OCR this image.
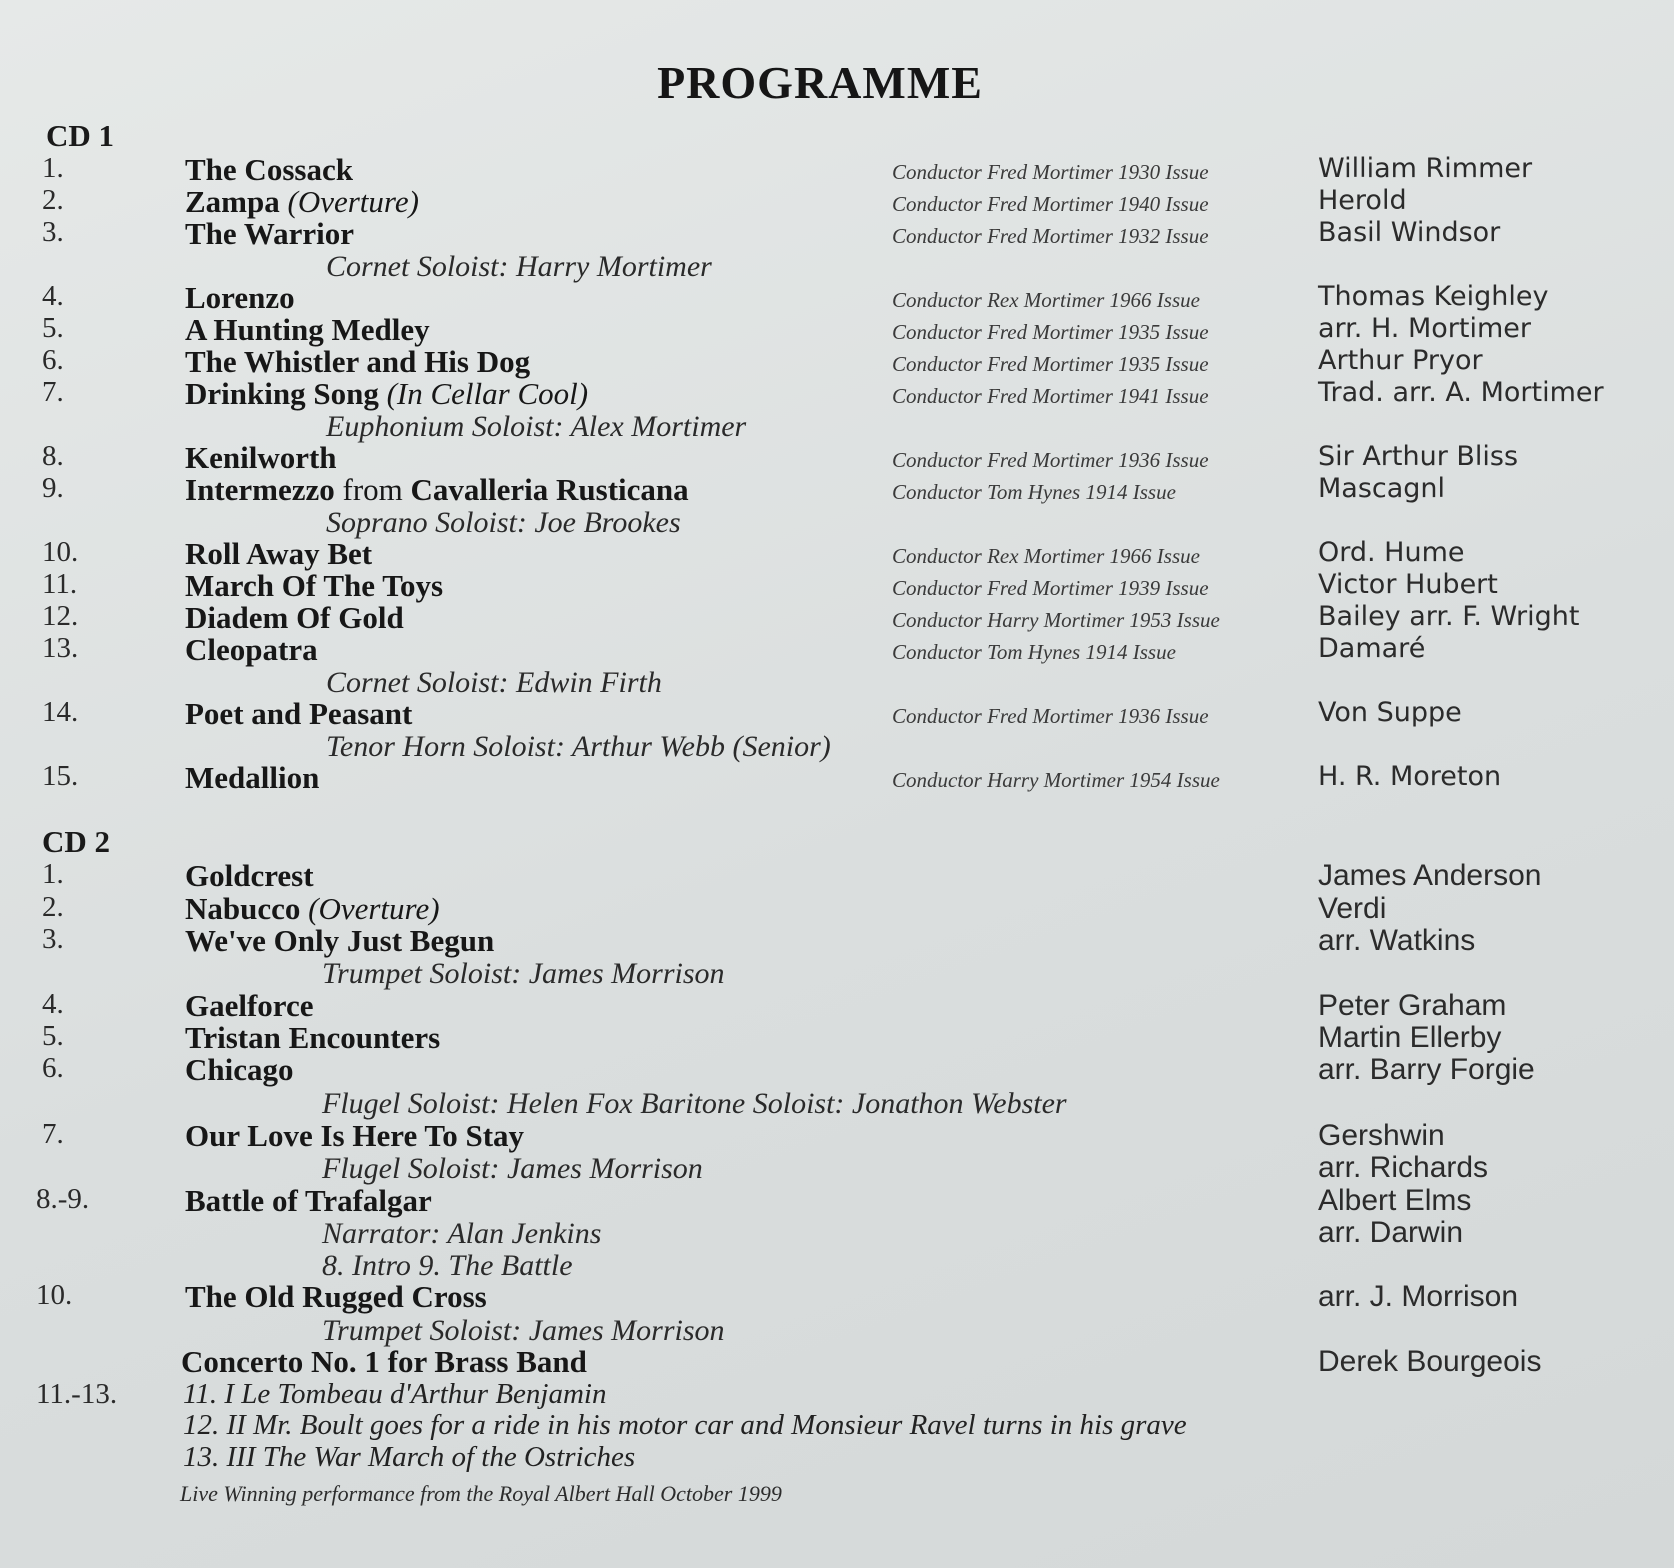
PROGRAMME
CD 1
1.	The Cossack	Conductor Fred Mortimer 1930 Issue	William Rimmer
2.	Zampa (Overture)	Conductor Fred Mortimer 1940 Issue	Herold
3.	The Warrior	Conductor Fred Mortimer 1932 Issue	Basil Windsor
Cornet Soloist: Harry Mortimer
4.	Lorenzo	Conductor Rex Mortimer 1966 Issue	Thomas Keighley
5.	A Hunting Medley	Conductor Fred Mortimer 1935 Issue	arr. H. Mortimer
6.	The Whistler and His Dog	Conductor Fred Mortimer 1935 Issue	Arthur Pryor
7.	Drinking Song (In Cellar Cool)	Conductor Fred Mortimer 1941 Issue	Trad. arr. A. Mortimer
Euphonium Soloist: Alex Mortimer
8.	Kenilworth	Conductor Fred Mortimer 1936 Issue	Sir Arthur Bliss
9.	Intermezzo from Cavalleria Rusticana	Conductor Tom Hynes 1914 Issue	Mascagnl
Soprano Soloist: Joe Brookes
10.	Roll Away Bet	Conductor Rex Mortimer 1966 Issue	Ord. Hume
11.	March Of The Toys	Conductor Fred Mortimer 1939 Issue	Victor Hubert
12.	Diadem Of Gold	Conductor Harry Mortimer 1953 Issue	Bailey arr. F. Wright
13.	Cleopatra	Conductor Tom Hynes 1914 Issue	Damaré
Cornet Soloist: Edwin Firth
14.	Poet and Peasant	Conductor Fred Mortimer 1936 Issue	Von Suppe
Tenor Horn Soloist: Arthur Webb (Senior)
15.	Medallion	Conductor Harry Mortimer 1954 Issue	H. R. Moreton
CD 2
1.	Goldcrest	James Anderson
2.	Nabucco (Overture)	Verdi
3.	We've Only Just Begun	arr. Watkins
Trumpet Soloist: James Morrison
4.	Gaelforce	Peter Graham
5.	Tristan Encounters	Martin Ellerby
6.	Chicago	arr. Barry Forgie
Flugel Soloist: Helen Fox Baritone Soloist: Jonathon Webster
7.	Our Love Is Here To Stay	Gershwin
Flugel Soloist: James Morrison	arr. Richards
8.-9.	Battle of Trafalgar	Albert Elms
Narrator: Alan Jenkins	arr. Darwin
8. Intro 9. The Battle
10.	The Old Rugged Cross	arr. J. Morrison
Trumpet Soloist: James Morrison
Concerto No. 1 for Brass Band	Derek Bourgeois
11.-13. 11. I Le Tombeau d'Arthur Benjamin
12. II Mr. Boult goes for a ride in his motor car and Monsieur Ravel turns in his grave
13. III The War March of the Ostriches
Live Winning performance from the Royal Albert Hall October 1999
